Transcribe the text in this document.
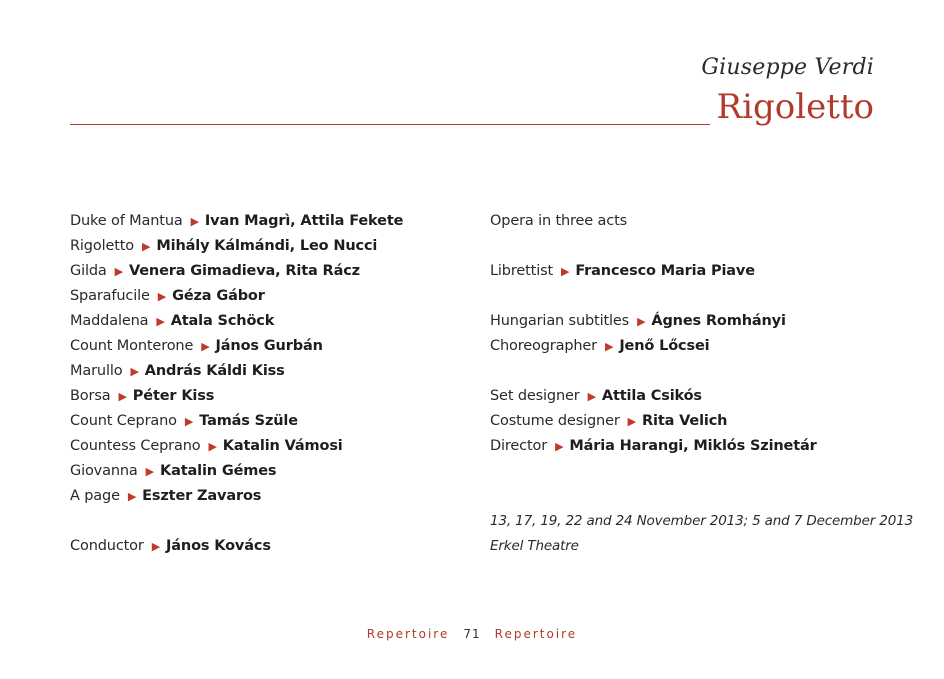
Giuseppe Verdi
Rigoletto
Duke of Mantua ▶ Ivan Magrì, Attila Fekete
Rigoletto ▶ Mihály Kálmándi, Leo Nucci
Gilda ▶ Venera Gimadieva, Rita Rácz
Sparafucile ▶ Géza Gábor
Maddalena ▶ Atala Schöck
Count Monterone ▶ János Gurbán
Marullo ▶ András Káldi Kiss
Borsa ▶ Péter Kiss
Count Ceprano ▶ Tamás Szüle
Countess Ceprano ▶ Katalin Vámosi
Giovanna ▶ Katalin Gémes
A page ▶ Eszter Zavaros
Conductor ▶ János Kovács
Opera in three acts
Librettist ▶ Francesco Maria Piave
Hungarian subtitles ▶ Ágnes Romhányi
Choreographer ▶ Jenő Lőcsei
Set designer ▶ Attila Csikós
Costume designer ▶ Rita Velich
Director ▶ Mária Harangi, Miklós Szinetár
13, 17, 19, 22 and 24 November 2013; 5 and 7 December 2013
Erkel Theatre
Repertoire 71 Repertoire
